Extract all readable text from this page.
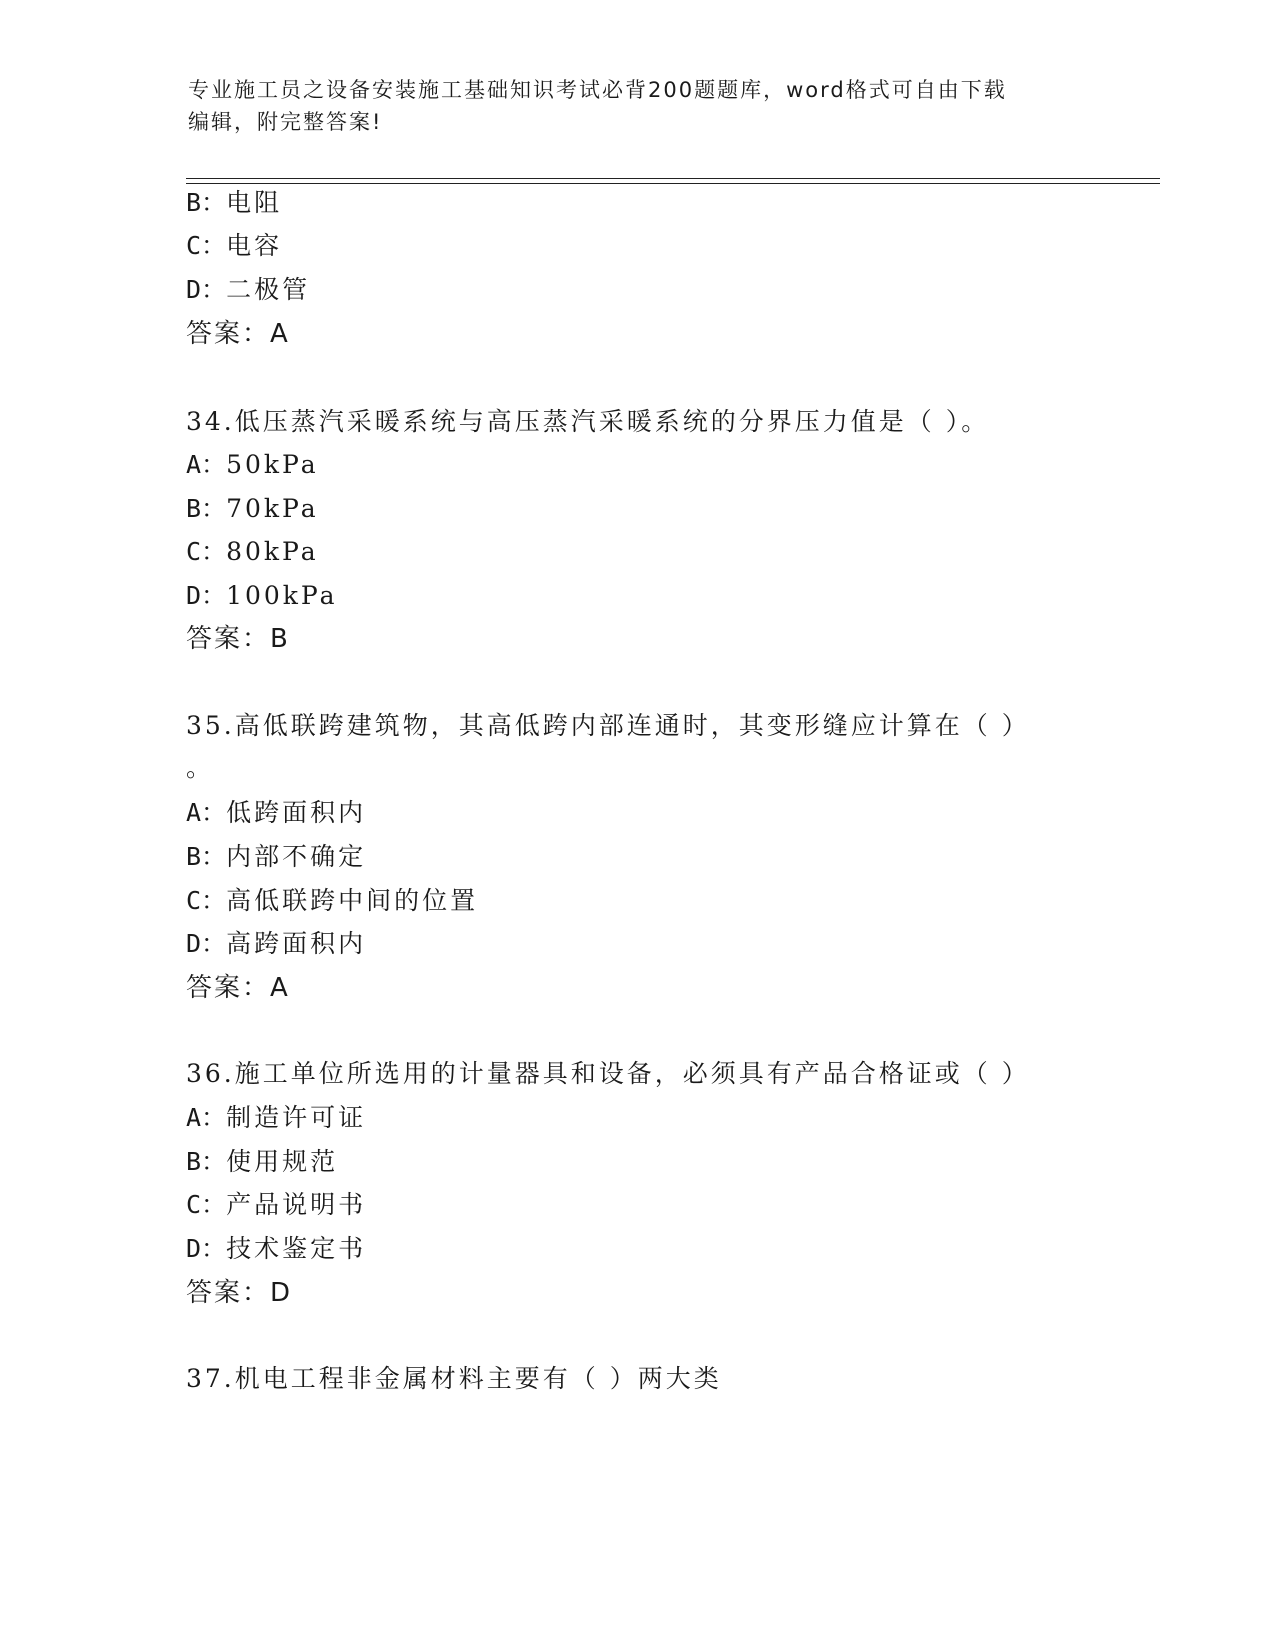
专业施工员之设备安装施工基础知识考试必背200题题库，word格式可自由下载
编辑，附完整答案!
B：电阻
C：电容
D：二极管
答案：A
34.低压蒸汽采暖系统与高压蒸汽采暖系统的分界压力值是（ ）。
A：50kPa
B：70kPa
C：80kPa
D：100kPa
答案：B
35.高低联跨建筑物，其高低跨内部连通时，其变形缝应计算在（ ）
。
A：低跨面积内
B：内部不确定
C：高低联跨中间的位置
D：高跨面积内
答案：A
36.施工单位所选用的计量器具和设备，必须具有产品合格证或（ ）
A：制造许可证
B：使用规范
C：产品说明书
D：技术鉴定书
答案：D
37.机电工程非金属材料主要有（ ）两大类
